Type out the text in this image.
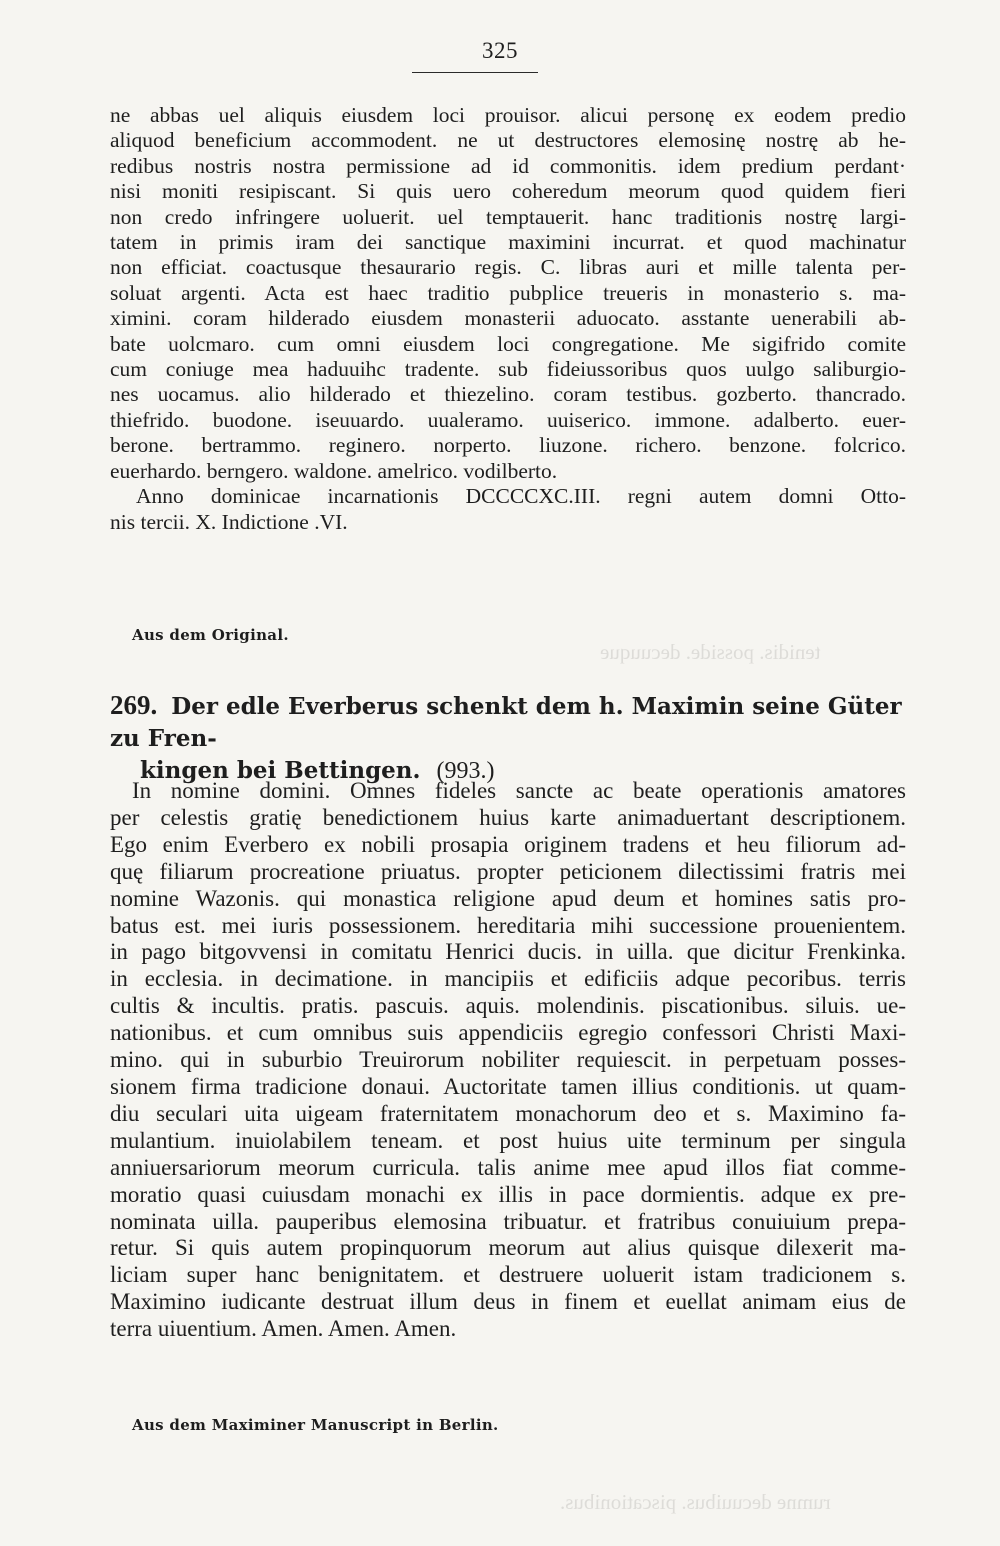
tenidis. posside. decuuque
rumne decuuibus. piscationibus.
325
ne abbas uel aliquis eiusdem loci prouisor. alicui personę ex eodem predio
aliquod beneficium accommodent. ne ut destructores elemosinę nostrę ab he-
redibus nostris nostra permissione ad id commonitis. idem predium perdant·
nisi moniti resipiscant. Si quis uero coheredum meorum quod quidem fieri
non credo infringere uoluerit. uel temptauerit. hanc traditionis nostrę largi-
tatem in primis iram dei sanctique maximini incurrat. et quod machinatur
non efficiat. coactusque thesaurario regis. C. libras auri et mille talenta per-
soluat argenti. Acta est haec traditio pubplice treueris in monasterio s. ma-
ximini. coram hilderado eiusdem monasterii aduocato. asstante uenerabili ab-
bate uolcmaro. cum omni eiusdem loci congregatione. Me sigifrido comite
cum coniuge mea haduuihc tradente. sub fideiussoribus quos uulgo saliburgio-
nes uocamus. alio hilderado et thiezelino. coram testibus. gozberto. thancrado.
thiefrido. buodone. iseuuardo. uualeramo. uuiserico. immone. adalberto. euer-
berone. bertrammo. reginero. norperto. liuzone. richero. benzone. folcrico.
euerhardo. berngero. waldone. amelrico. vodilberto.
Anno dominicae incarnationis DCCCCXC.III. regni autem domni Otto-
nis tercii. X. Indictione .VI.
Aus dem Original.
269. Der edle Everberus schenkt dem h. Maximin seine Güter zu Fren-
kingen bei Bettingen. (993.)
In nomine domini. Omnes fideles sancte ac beate operationis amatores
per celestis gratię benedictionem huius karte animaduertant descriptionem.
Ego enim Everbero ex nobili prosapia originem tradens et heu filiorum ad-
quę filiarum procreatione priuatus. propter peticionem dilectissimi fratris mei
nomine Wazonis. qui monastica religione apud deum et homines satis pro-
batus est. mei iuris possessionem. hereditaria mihi successione prouenientem.
in pago bitgovvensi in comitatu Henrici ducis. in uilla. que dicitur Frenkinka.
in ecclesia. in decimatione. in mancipiis et edificiis adque pecoribus. terris
cultis & incultis. pratis. pascuis. aquis. molendinis. piscationibus. siluis. ue-
nationibus. et cum omnibus suis appendiciis egregio confessori Christi Maxi-
mino. qui in suburbio Treuirorum nobiliter requiescit. in perpetuam posses-
sionem firma tradicione donaui. Auctoritate tamen illius conditionis. ut quam-
diu seculari uita uigeam fraternitatem monachorum deo et s. Maximino fa-
mulantium. inuiolabilem teneam. et post huius uite terminum per singula
anniuersariorum meorum curricula. talis anime mee apud illos fiat comme-
moratio quasi cuiusdam monachi ex illis in pace dormientis. adque ex pre-
nominata uilla. pauperibus elemosina tribuatur. et fratribus conuiuium prepa-
retur. Si quis autem propinquorum meorum aut alius quisque dilexerit ma-
liciam super hanc benignitatem. et destruere uoluerit istam tradicionem s.
Maximino iudicante destruat illum deus in finem et euellat animam eius de
terra uiuentium. Amen. Amen. Amen.
Aus dem Maximiner Manuscript in Berlin.
